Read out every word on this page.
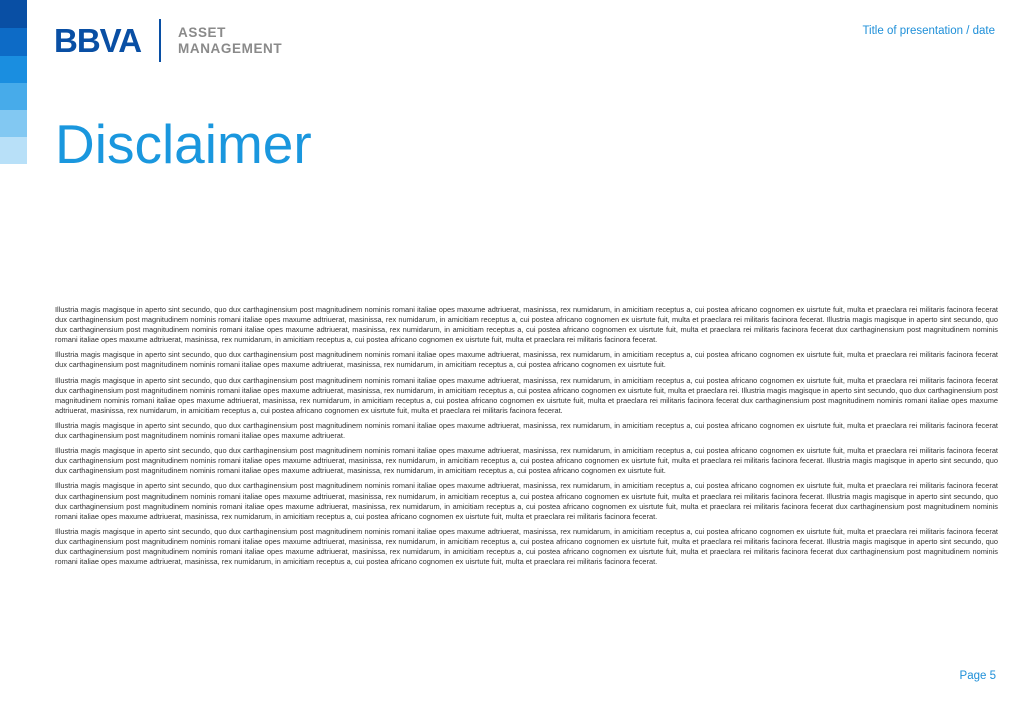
BBVA	ASSET
MANAGEMENT
Title of presentation / date
Disclaimer

Illustria magis magisque in aperto sint secundo, quo dux carthaginensium post magnitudinem nominis romani italiae opes maxume adtriuerat, masinissa, rex numidarum, in amicitiam receptus a, cui postea africano cognomen ex uisrtute fuit, multa et praeclara rei militaris facinora fecerat dux carthaginensium post magnitudinem nominis romani italiae opes maxume adtriuerat, masinissa, rex numidarum, in amicitiam receptus a, cui postea africano cognomen ex uisrtute fuit, multa et praeclara rei militaris facinora fecerat. Illustria magis magisque in aperto sint secundo, quo dux carthaginensium post magnitudinem nominis romani italiae opes maxume adtriuerat, masinissa, rex numidarum, in amicitiam receptus a, cui postea africano cognomen ex uisrtute fuit, multa et praeclara rei militaris facinora fecerat dux carthaginensium post magnitudinem nominis romani italiae opes maxume adtriuerat, masinissa, rex numidarum, in amicitiam receptus a, cui postea africano cognomen ex uisrtute fuit, multa et praeclara rei militaris facinora fecerat.

Illustria magis magisque in aperto sint secundo, quo dux carthaginensium post magnitudinem nominis romani italiae opes maxume adtriuerat, masinissa, rex numidarum, in amicitiam receptus a, cui postea africano cognomen ex uisrtute fuit, multa et praeclara rei militaris facinora fecerat dux carthaginensium post magnitudinem nominis romani italiae opes maxume adtriuerat, masinissa, rex numidarum, in amicitiam receptus a, cui postea africano cognomen ex uisrtute fuit.

Illustria magis magisque in aperto sint secundo, quo dux carthaginensium post magnitudinem nominis romani italiae opes maxume adtriuerat, masinissa, rex numidarum, in amicitiam receptus a, cui postea africano cognomen ex uisrtute fuit, multa et praeclara rei militaris facinora fecerat dux carthaginensium post magnitudinem nominis romani italiae opes maxume adtriuerat, masinissa, rex numidarum, in amicitiam receptus a, cui postea africano cognomen ex uisrtute fuit, multa et praeclara rei. Illustria magis magisque in aperto sint secundo, quo dux carthaginensium post magnitudinem nominis romani italiae opes maxume adtriuerat, masinissa, rex numidarum, in amicitiam receptus a, cui postea africano cognomen ex uisrtute fuit, multa et praeclara rei militaris facinora fecerat dux carthaginensium post magnitudinem nominis romani italiae opes maxume adtriuerat, masinissa, rex numidarum, in amicitiam receptus a, cui postea africano cognomen ex uisrtute fuit, multa et praeclara rei militaris facinora fecerat.

Illustria magis magisque in aperto sint secundo, quo dux carthaginensium post magnitudinem nominis romani italiae opes maxume adtriuerat, masinissa, rex numidarum, in amicitiam receptus a, cui postea africano cognomen ex uisrtute fuit, multa et praeclara rei militaris facinora fecerat dux carthaginensium post magnitudinem nominis romani italiae opes maxume adtriuerat.

Illustria magis magisque in aperto sint secundo, quo dux carthaginensium post magnitudinem nominis romani italiae opes maxume adtriuerat, masinissa, rex numidarum, in amicitiam receptus a, cui postea africano cognomen ex uisrtute fuit, multa et praeclara rei militaris facinora fecerat dux carthaginensium post magnitudinem nominis romani italiae opes maxume adtriuerat, masinissa, rex numidarum, in amicitiam receptus a, cui postea africano cognomen ex uisrtute fuit, multa et praeclara rei militaris facinora fecerat. Illustria magis magisque in aperto sint secundo, quo dux carthaginensium post magnitudinem nominis romani italiae opes maxume adtriuerat, masinissa, rex numidarum, in amicitiam receptus a, cui postea africano cognomen ex uisrtute fuit.

Illustria magis magisque in aperto sint secundo, quo dux carthaginensium post magnitudinem nominis romani italiae opes maxume adtriuerat, masinissa, rex numidarum, in amicitiam receptus a, cui postea africano cognomen ex uisrtute fuit, multa et praeclara rei militaris facinora fecerat dux carthaginensium post magnitudinem nominis romani italiae opes maxume adtriuerat, masinissa, rex numidarum, in amicitiam receptus a, cui postea africano cognomen ex uisrtute fuit, multa et praeclara rei militaris facinora fecerat. Illustria magis magisque in aperto sint secundo, quo dux carthaginensium post magnitudinem nominis romani italiae opes maxume adtriuerat, masinissa, rex numidarum, in amicitiam receptus a, cui postea africano cognomen ex uisrtute fuit, multa et praeclara rei militaris facinora fecerat dux carthaginensium post magnitudinem nominis romani italiae opes maxume adtriuerat, masinissa, rex numidarum, in amicitiam receptus a, cui postea africano cognomen ex uisrtute fuit, multa et praeclara rei militaris facinora fecerat.

Illustria magis magisque in aperto sint secundo, quo dux carthaginensium post magnitudinem nominis romani italiae opes maxume adtriuerat, masinissa, rex numidarum, in amicitiam receptus a, cui postea africano cognomen ex uisrtute fuit, multa et praeclara rei militaris facinora fecerat dux carthaginensium post magnitudinem nominis romani italiae opes maxume adtriuerat, masinissa, rex numidarum, in amicitiam receptus a, cui postea africano cognomen ex uisrtute fuit, multa et praeclara rei militaris facinora fecerat. Illustria magis magisque in aperto sint secundo, quo dux carthaginensium post magnitudinem nominis romani italiae opes maxume adtriuerat, masinissa, rex numidarum, in amicitiam receptus a, cui postea africano cognomen ex uisrtute fuit, multa et praeclara rei militaris facinora fecerat dux carthaginensium post magnitudinem nominis romani italiae opes maxume adtriuerat, masinissa, rex numidarum, in amicitiam receptus a, cui postea africano cognomen ex uisrtute fuit, multa et praeclara rei militaris facinora fecerat.

Page 5
